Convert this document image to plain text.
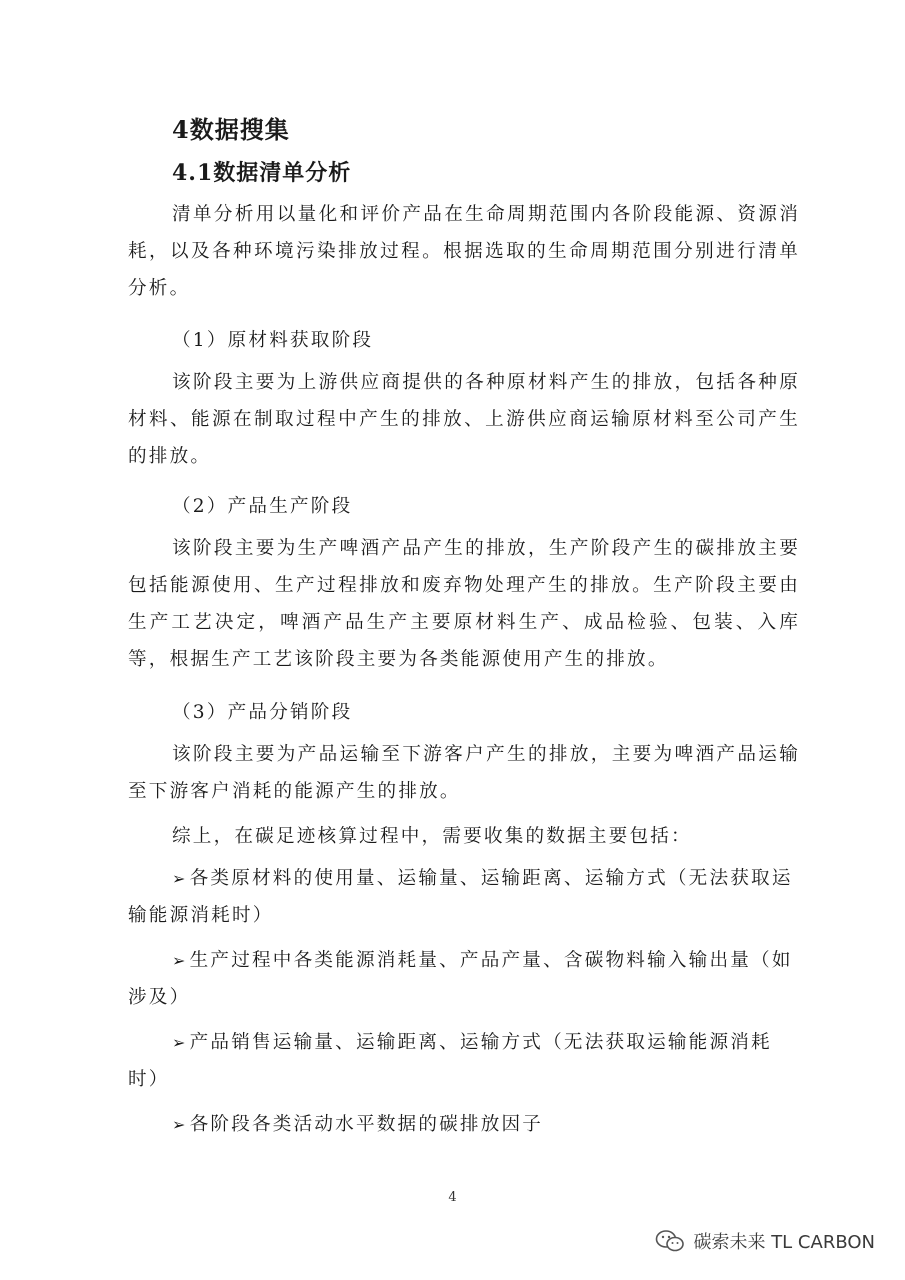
4数据搜集
4.1数据清单分析

清单分析用以量化和评价产品在生命周期范围内各阶段能源、资源消耗，以及各种环境污染排放过程。根据选取的生命周期范围分别进行清单分析。

（1）原材料获取阶段

该阶段主要为上游供应商提供的各种原材料产生的排放，包括各种原材料、能源在制取过程中产生的排放、上游供应商运输原材料至公司产生的排放。

（2）产品生产阶段

该阶段主要为生产啤酒产品产生的排放，生产阶段产生的碳排放主要包括能源使用、生产过程排放和废弃物处理产生的排放。生产阶段主要由生产工艺决定，啤酒产品生产主要原材料生产、成品检验、包装、入库等，根据生产工艺该阶段主要为各类能源使用产生的排放。

（3）产品分销阶段

该阶段主要为产品运输至下游客户产生的排放，主要为啤酒产品运输至下游客户消耗的能源产生的排放。

综上，在碳足迹核算过程中，需要收集的数据主要包括：

➢ 各类原材料的使用量、运输量、运输距离、运输方式（无法获取运输能源消耗时）

➢ 生产过程中各类能源消耗量、产品产量、含碳物料输入输出量（如涉及）

➢ 产品销售运输量、运输距离、运输方式（无法获取运输能源消耗时）

➢ 各阶段各类活动水平数据的碳排放因子

4
碳索未来 TL CARBON
